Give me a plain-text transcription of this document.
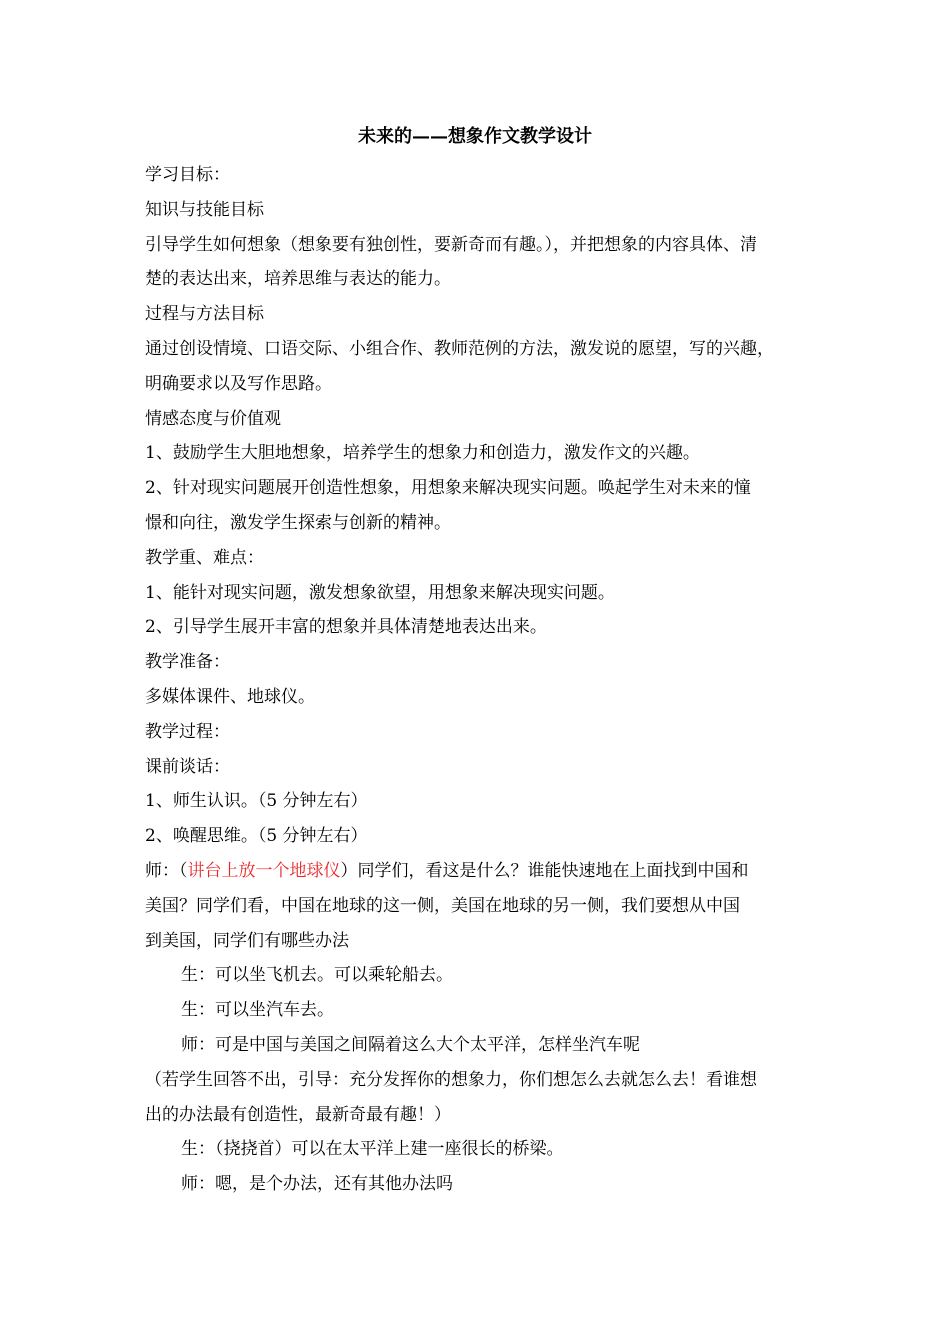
未来的——想象作文教学设计
学习目标：
知识与技能目标
引导学生如何想象（想象要有独创性，要新奇而有趣。），并把想象的内容具体、清
楚的表达出来，培养思维与表达的能力。
过程与方法目标
通过创设情境、口语交际、小组合作、教师范例的方法，激发说的愿望，写的兴趣，
明确要求以及写作思路。
情感态度与价值观
1、鼓励学生大胆地想象，培养学生的想象力和创造力，激发作文的兴趣。
2、针对现实问题展开创造性想象，用想象来解决现实问题。唤起学生对未来的憧
憬和向往，激发学生探索与创新的精神。
教学重、难点：
1、能针对现实问题，激发想象欲望，用想象来解决现实问题。
2、引导学生展开丰富的想象并具体清楚地表达出来。
教学准备：
多媒体课件、地球仪。
教学过程：
课前谈话：
1、师生认识。（5 分钟左右）
2、唤醒思维。（5 分钟左右）
师：（讲台上放一个地球仪）同学们，看这是什么？谁能快速地在上面找到中国和
美国？同学们看，中国在地球的这一侧，美国在地球的另一侧，我们要想从中国
到美国，同学们有哪些办法
生：可以坐飞机去。可以乘轮船去。
生：可以坐汽车去。
师：可是中国与美国之间隔着这么大个太平洋，怎样坐汽车呢
（若学生回答不出，引导：充分发挥你的想象力，你们想怎么去就怎么去！看谁想
出的办法最有创造性，最新奇最有趣！）
生：（挠挠首）可以在太平洋上建一座很长的桥梁。
师：嗯，是个办法，还有其他办法吗
